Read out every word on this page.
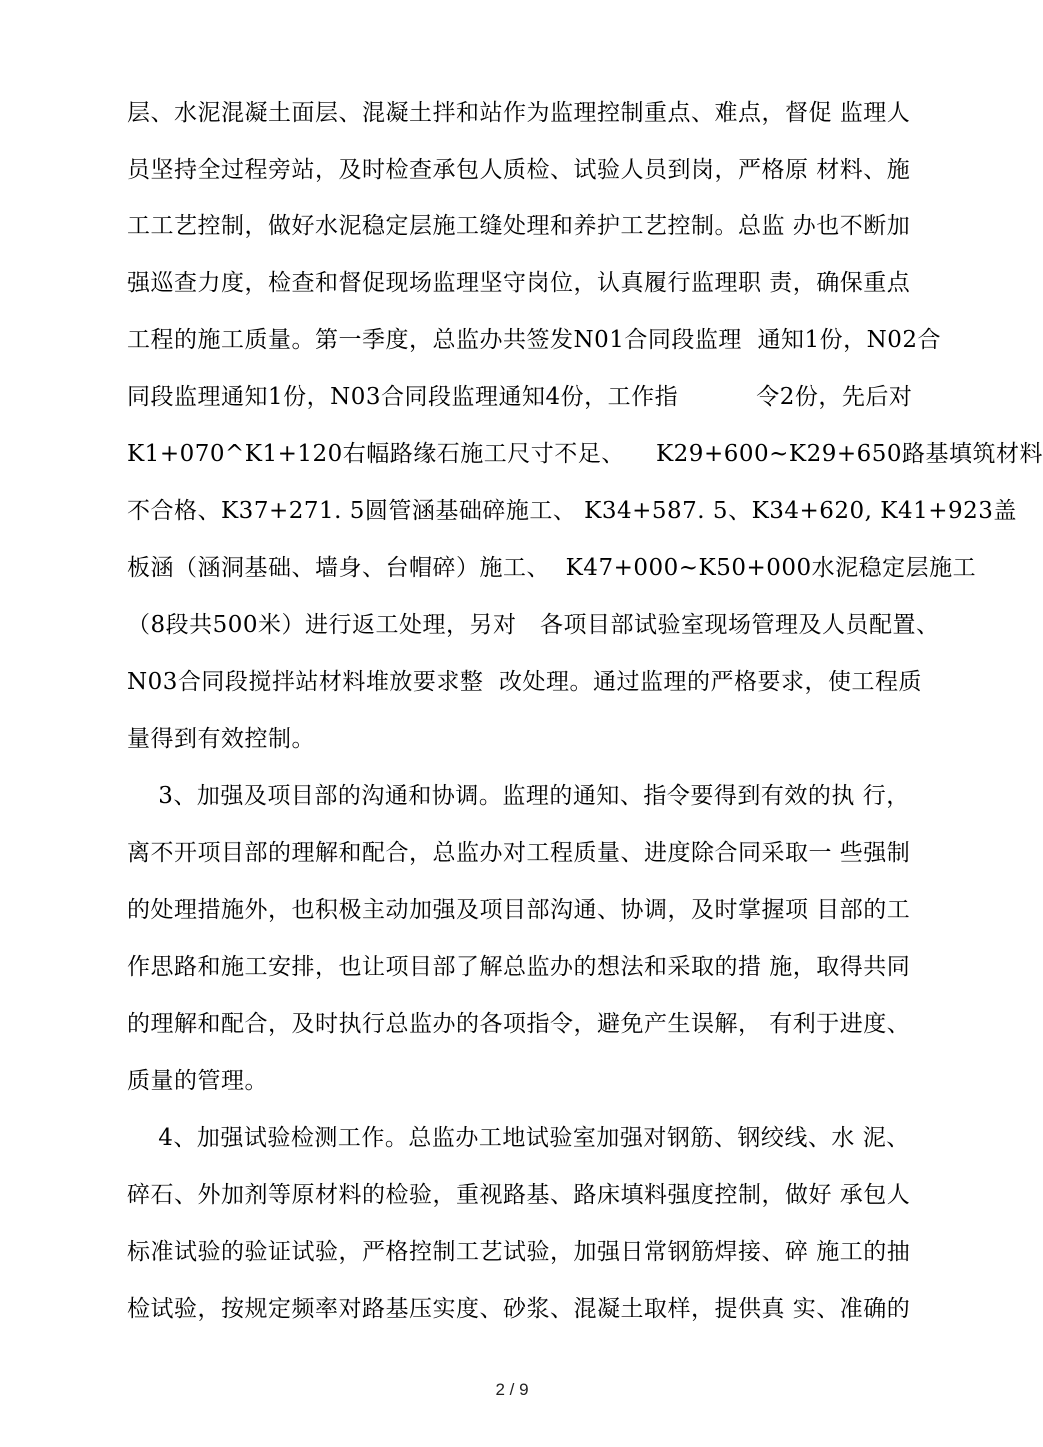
层、水泥混凝土面层、混凝土拌和站作为监理控制重点、难点，督促 监理人
员坚持全过程旁站，及时检查承包人质检、试验人员到岗，严格原 材料、施
工工艺控制，做好水泥稳定层施工缝处理和养护工艺控制。总监 办也不断加
强巡查力度，检查和督促现场监理坚守岗位，认真履行监理职 责，确保重点
工程的施工质量。第一季度，总监办共签发N01合同段监理  通知1份，N02合
同段监理通知1份，N03合同段监理通知4份，工作指          令2份，先后对
K1+070^K1+120右幅路缘石施工尺寸不足、    K29+600~K29+650路基填筑材料
不合格、K37+271. 5圆管涵基础碎施工、 K34+587. 5、K34+620, K41+923盖
板涵（涵洞基础、墙身、台帽碎）施工、  K47+000~K50+000水泥稳定层施工
（8段共500米）进行返工处理，另对   各项目部试验室现场管理及人员配置、
N03合同段搅拌站材料堆放要求整  改处理。通过监理的严格要求，使工程质
量得到有效控制。
3、加强及项目部的沟通和协调。监理的通知、指令要得到有效的执 行，
离不开项目部的理解和配合，总监办对工程质量、进度除合同采取一 些强制
的处理措施外，也积极主动加强及项目部沟通、协调，及时掌握项 目部的工
作思路和施工安排，也让项目部了解总监办的想法和采取的措 施，取得共同
的理解和配合，及时执行总监办的各项指令，避免产生误解， 有利于进度、
质量的管理。
4、加强试验检测工作。总监办工地试验室加强对钢筋、钢绞线、水 泥、
碎石、外加剂等原材料的检验，重视路基、路床填料强度控制，做好 承包人
标准试验的验证试验，严格控制工艺试验，加强日常钢筋焊接、碎 施工的抽
检试验，按规定频率对路基压实度、砂浆、混凝土取样，提供真 实、准确的
2 / 9
